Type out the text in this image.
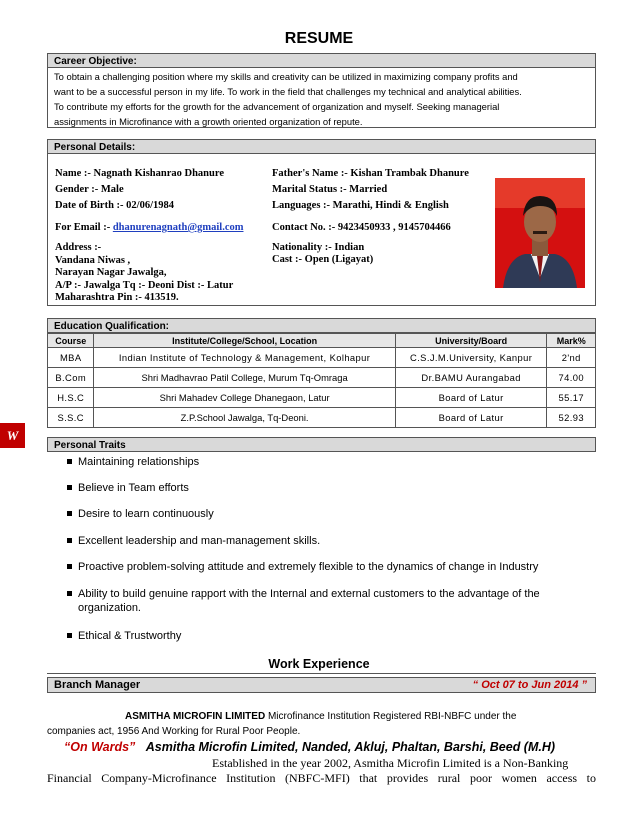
RESUME
Career Objective:
To obtain a challenging position where my skills and creativity can be utilized in maximizing company profits and
want to be a successful person in my life. To work in the field that challenges my technical and analytical abilities.
To contribute my efforts for the growth for the advancement of organization and myself. Seeking managerial
assignments in Microfinance with a growth oriented organization of repute.
Personal Details:
Name :- Nagnath Kishanrao Dhanure	Father's Name :- Kishan Trambak Dhanure
Gender :- Male	Marital Status :- Married
Date of Birth :- 02/06/1984	Languages :- Marathi, Hindi & English
For Email :- dhanurenagnath@gmail.com	Contact No. :- 9423450933 , 9145704466
Address :-
Vandana Niwas ,
Narayan Nagar Jawalga,
A/P :- Jawalga Tq :- Deoni Dist :- Latur
Maharashtra Pin :- 413519.
Nationality :- Indian
Cast :- Open (Ligayat)
Education Qualification:
Course	Institute/College/School, Location	University/Board	Mark%
MBA	Indian Institute of Technology & Management, Kolhapur	C.S.J.M.University, Kanpur	2'nd
B.Com	Shri Madhavrao Patil College, Murum Tq-Omraga	Dr.BAMU Aurangabad	74.00
H.S.C	Shri Mahadev College Dhanegaon, Latur	Board of Latur	55.17
S.S.C	Z.P.School Jawalga, Tq-Deoni.	Board of Latur	52.93
W
Personal Traits
Maintaining relationships
Believe in Team efforts
Desire to learn continuously
Excellent leadership and man-management skills.
Proactive problem-solving attitude and extremely flexible to the dynamics of change in Industry
Ability to build genuine rapport with the Internal and external customers to the advantage of the organization.
Ethical & Trustworthy
Work Experience
Branch Manager	“ Oct 07 to Jun 2014 ”
ASMITHA MICROFIN LIMITED Microfinance Institution Registered RBI-NBFC under the
companies act, 1956 And Working for Rural Poor People.
“On Wards” Asmitha Microfin Limited, Nanded, Akluj, Phaltan, Barshi, Beed (M.H)
Established in the year 2002, Asmitha Microfin Limited is a Non-Banking
Financial Company-Microfinance Institution (NBFC-MFI) that provides rural poor women access to
